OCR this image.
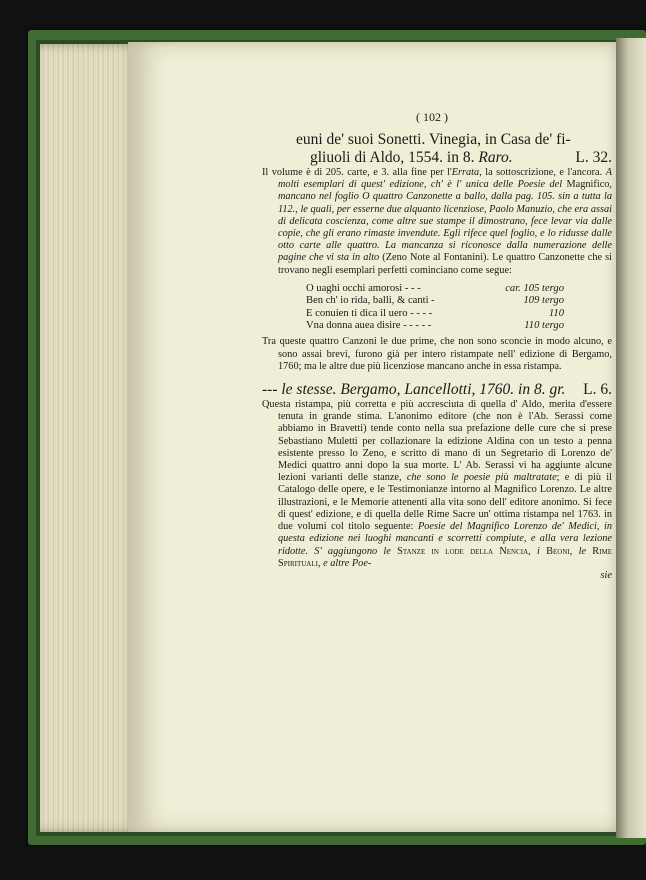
( 102 )
euni de' suoi Sonetti. Vinegia, in Casa de' fi-
gliuoli di Aldo, 1554. in 8. Raro.	L. 32.
Il volume è di 205. carte, e 3. alla fine per l'Errata, la sottoscrizione, e l'ancora. A molti esemplari di quest' edizione, ch' è l' unica delle Poesie del Magnifico, mancano nel foglio O quattro Canzonette a ballo, dalla pag. 105. sin a tutta la 112., le quali, per esserne due alquanto licenziose, Paolo Manuzio, che era assai di delicata coscienza, come altre sue stampe il dimostrano, fece levar via dalle copie, che gli erano rimaste invendute. Egli rifece quel foglio, e lo ridusse dalle otto carte alle quattro. La mancanza si riconosce dalla numerazione delle pagine che vi sta in alto (Zeno Note al Fontanini). Le quattro Canzonette che si trovano negli esemplari perfetti cominciano come segue:
O uaghi occhi amorosi - - -	car. 105 tergo
Ben ch' io rida, balli, & canti -	109 tergo
E conuien ti dica il uero - - - -	110
Vna donna auea disire - - - - -	110 tergo
Tra queste quattro Canzoni le due prime, che non sono sconcie in modo alcuno, e sono assai brevi, furono già per intero ristampate nell' edizione di Bergamo, 1760; ma le altre due più licenziose mancano anche in essa ristampa.
--- le stesse. Bergamo, Lancellotti, 1760. in 8. gr. L. 6.
Questa ristampa, più corretta e più accresciuta di quella d' Aldo, merita d'essere tenuta in grande stima. L'anonimo editore (che non è l'Ab. Serassi come abbiamo in Bravetti) tende conto nella sua prefazione delle cure che si prese Sebastiano Muletti per collazionare la edizione Aldina con un testo a penna esistente presso lo Zeno, e scritto di mano di un Segretario di Lorenzo de' Medici quattro anni dopo la sua morte. L' Ab. Serassi vi ha aggiunte alcune lezioni varianti delle stanze, che sono le poesie più maltratate; e di più il Catalogo delle opere, e le Testimonianze intorno al Magnifico Lorenzo. Le altre illustrazioni, e le Memorie attenenti alla vita sono dell' editore anonimo. Si fece di quest' edizione, e di quella delle Rime Sacre un' ottima ristampa nel 1763. in due volumi col titolo seguente: Poesie del Magnifico Lorenzo de' Medici, in questa edizione nei luoghi mancanti e scorretti compiute, e alla vera lezione ridotte. S' aggiungono le Stanze in lode della Nencia, i Beoni, le Rime Spirituali, e altre Poe-
sie
